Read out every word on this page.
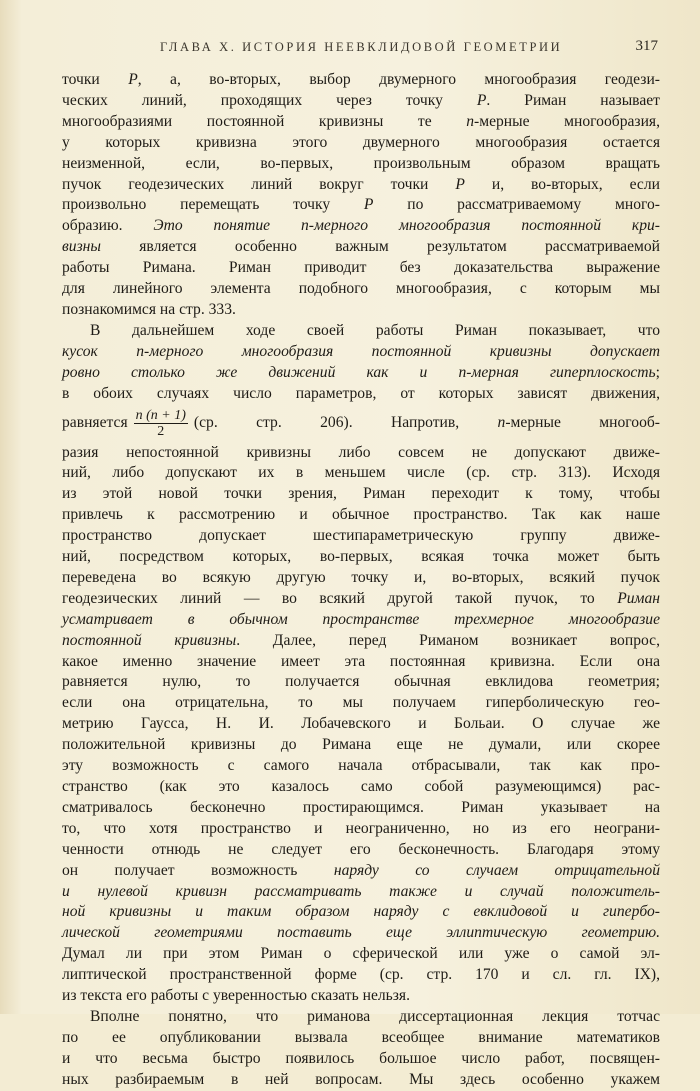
ГЛАВА X. ИСТОРИЯ НЕЕВКЛИДОВОЙ ГЕОМЕТРИИ	317
точки P, а, во-вторых, выбор двумерного многообразия геодези-
ческих линий, проходящих через точку P. Риман называет
многообразиями постоянной кривизны те n-мерные многообразия,
у которых кривизна этого двумерного многообразия остается
неизменной, если, во-первых, произвольным образом вращать
пучок геодезических линий вокруг точки P и, во-вторых, если
произвольно перемещать точку P по рассматриваемому много-
образию. Это понятие n-мерного многообразия постоянной кри-
визны является особенно важным результатом рассматриваемой
работы Римана. Риман приводит без доказательства выражение
для линейного элемента подобного многообразия, с которым мы
познакомимся на стр. 333.
В дальнейшем ходе своей работы Риман показывает, что
кусок n-мерного многообразия постоянной кривизны допускает
ровно столько же движений как и n-мерная гиперплоскость;
в обоих случаях число параметров, от которых зависят движения,
равняется $\frac{n (n + 1)}{2} (ср$. стр. 206). Напротив, n-мерные многооб-
разия непостоянной кривизны либо совсем не допускают движе-
ний, либо допускают их в меньшем числе (ср. стр. 313). Исходя
из этой новой точки зрения, Риман переходит к тому, чтобы
привлечь к рассмотрению и обычное пространство. Так как наше
пространство допускает шестипараметрическую группу движе-
ний, посредством которых, во-первых, всякая точка может быть
переведена во всякую другую точку и, во-вторых, всякий пучок
геодезических линий — во всякий другой такой пучок, то Риман
усматривает в обычном пространстве трехмерное многообразие
постоянной кривизны. Далее, перед Риманом возникает вопрос,
какое именно значение имеет эта постоянная кривизна. Если она
равняется нулю, то получается обычная евклидова геометрия;
если она отрицательна, то мы получаем гиперболическую гео-
метрию Гаусса, Н. И. Лобачевского и Больаи. О случае же
положительной кривизны до Римана еще не думали, или скорее
эту возможность с самого начала отбрасывали, так как про-
странство (как это казалось само собой разумеющимся) рас-
сматривалось бесконечно простирающимся. Риман указывает на
то, что хотя пространство и неограниченно, но из его неограни-
ченности отнюдь не следует его бесконечность. Благодаря этому
он получает возможность наряду со случаем отрицательной
и нулевой кривизн рассматривать также и случай положитель-
ной кривизны и таким образом наряду с евклидовой и гипербо-
лической геометриями поставить еще эллиптическую геометрию.
Думал ли при этом Риман о сферической или уже о самой эл-
липтической пространственной форме (ср. стр. 170 и сл. гл. IX),
из текста его работы с уверенностью сказать нельзя.
Вполне понятно, что риманова диссертационная лекция тотчас
по ее опубликовании вызвала всеобщее внимание математиков
и что весьма быстро появилось большое число работ, посвящен-
ных разбираемым в ней вопросам. Мы здесь особенно укажем
